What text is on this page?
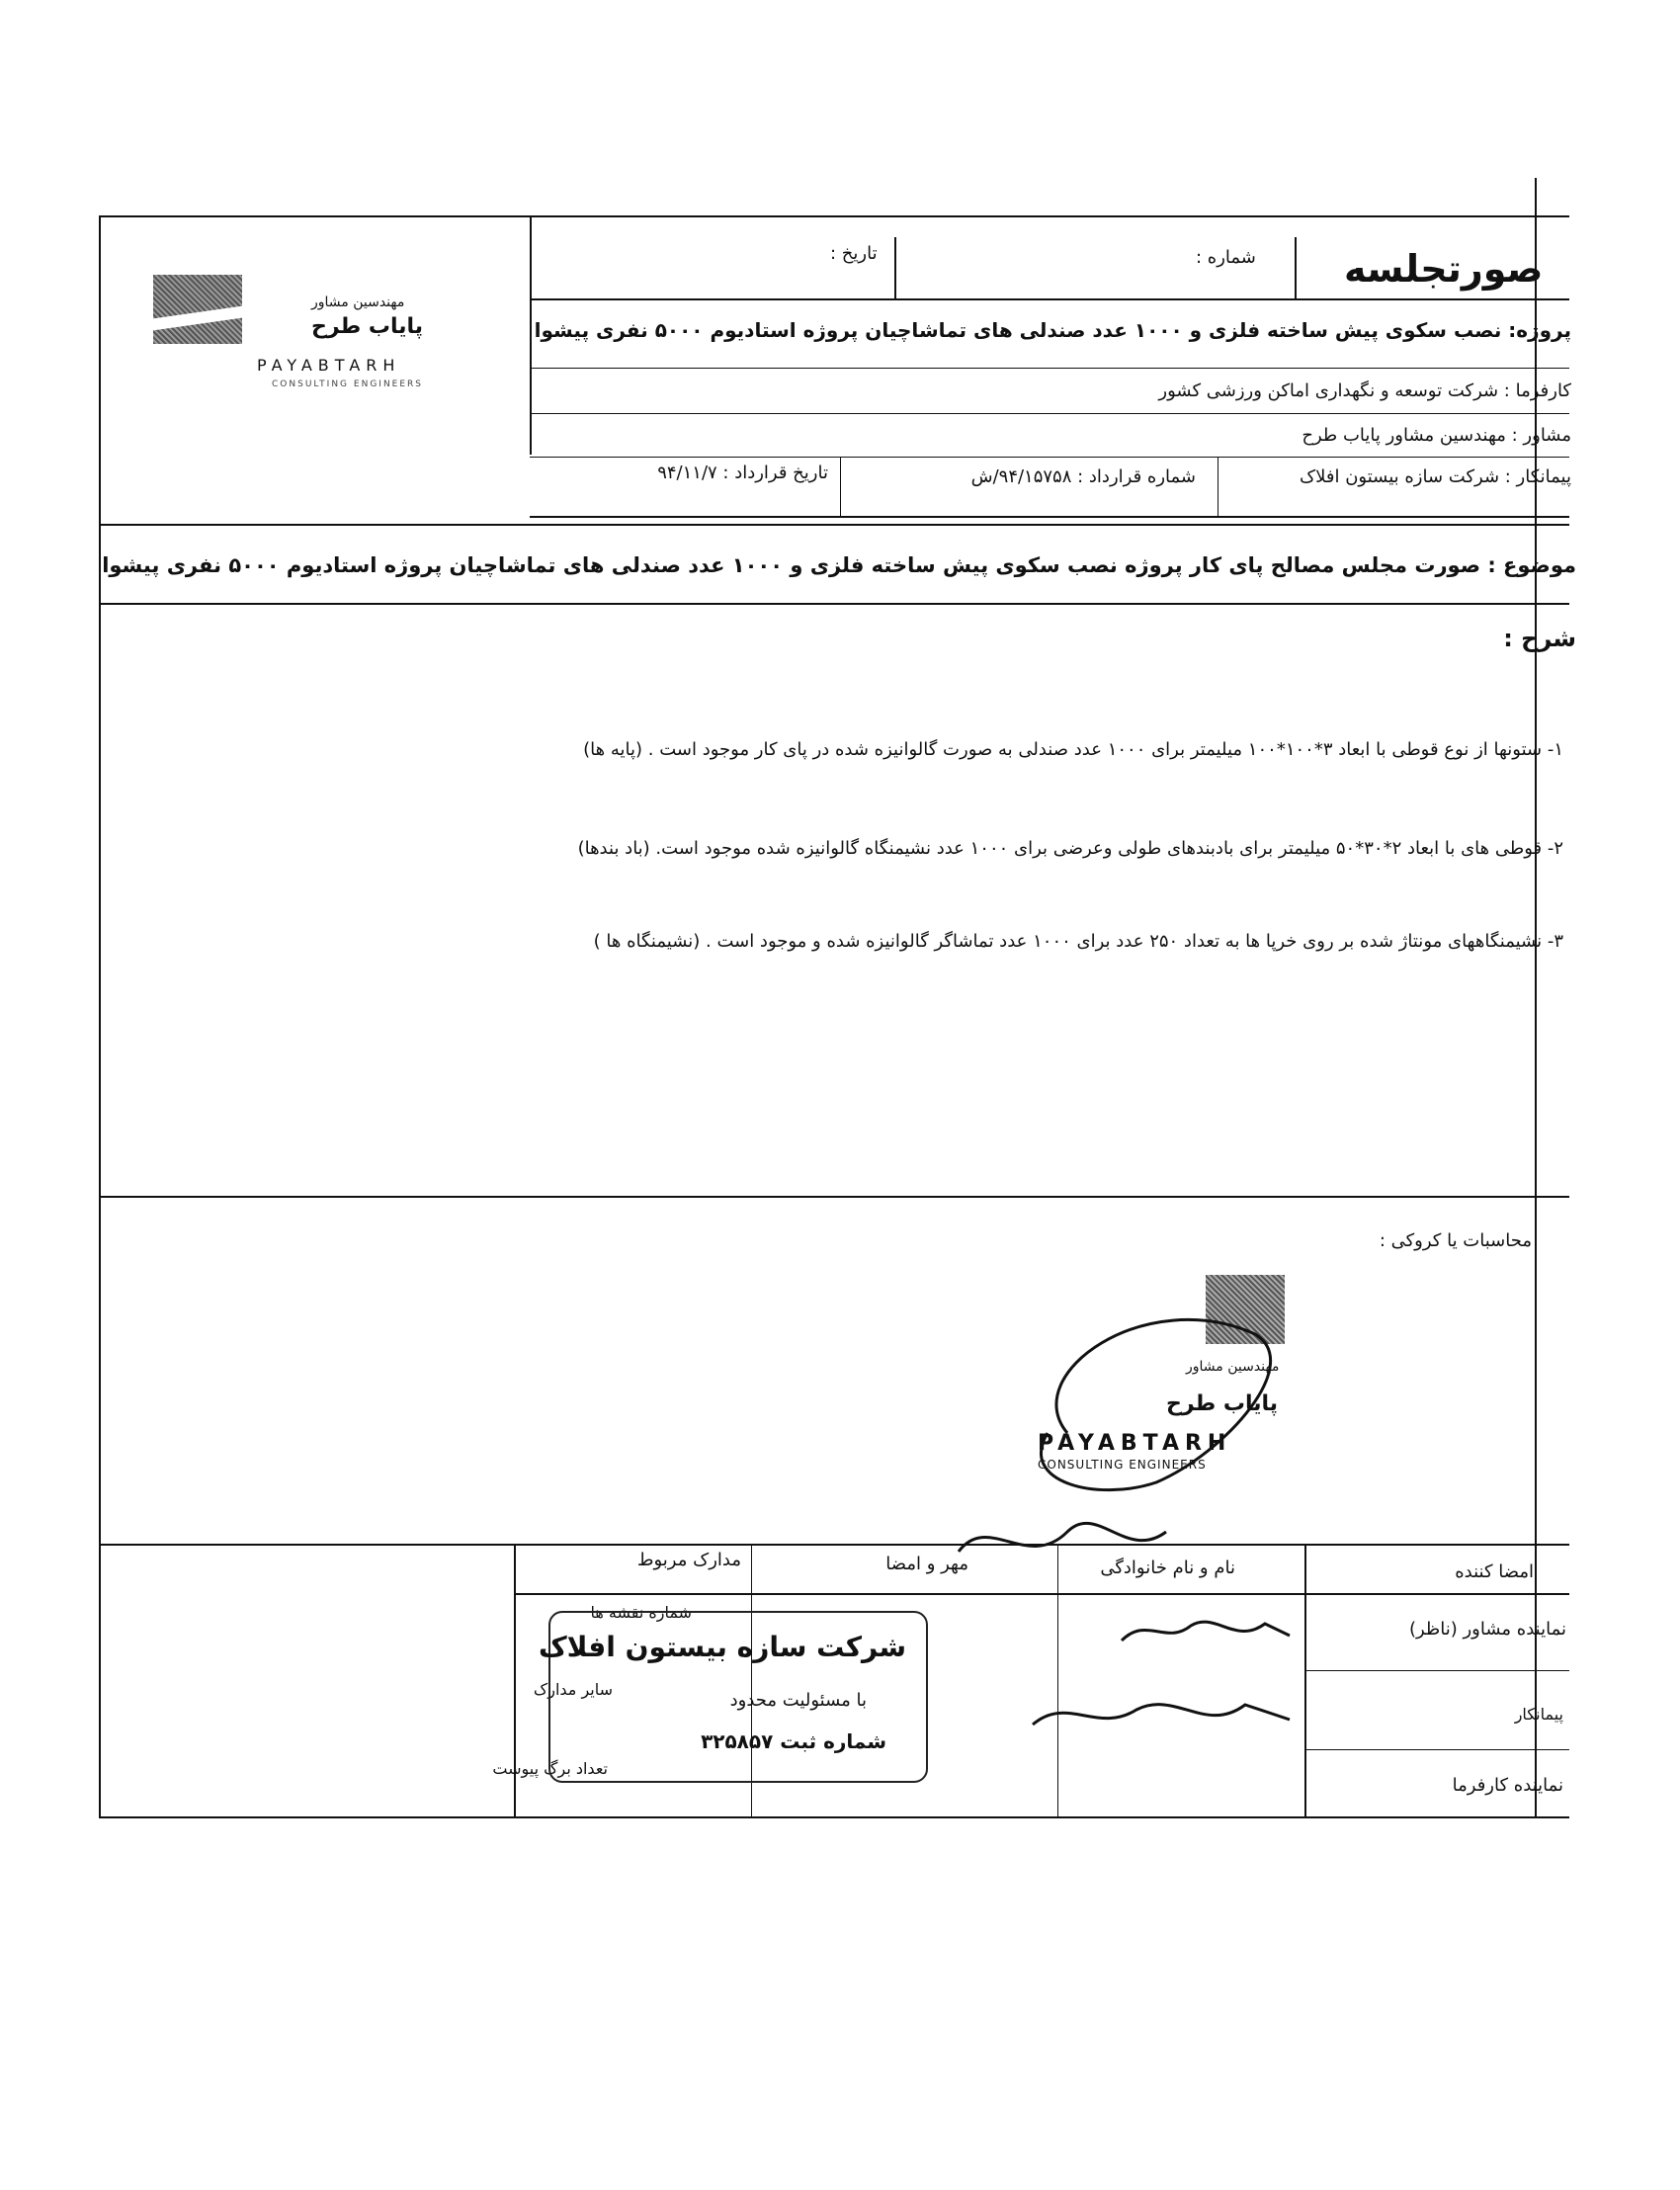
مهندسین مشاور
پایاب طرح
PAYABTARH
CONSULTING ENGINEERS
صورتجلسه
شماره :
تاریخ :
پروژه: نصب سکوی پیش ساخته فلزی و ۱۰۰۰ عدد صندلی های تماشاچیان پروژه استادیوم ۵۰۰۰ نفری پیشوا
کارفرما : شرکت توسعه و نگهداری اماکن ورزشی کشور
مشاور : مهندسین مشاور پایاب طرح
پیمانکار : شرکت سازه بیستون افلاک
شماره قرارداد : ۹۴/۱۵۷۵۸/ش
تاریخ قرارداد : ۹۴/۱۱/۷
موضوع : صورت مجلس مصالح پای کار پروژه نصب سکوی پیش ساخته فلزی و ۱۰۰۰ عدد صندلی های تماشاچیان پروژه استادیوم ۵۰۰۰ نفری پیشوا
شرح :
۱- ستونها از نوع قوطی با ابعاد ۳*۱۰۰*۱۰۰ میلیمتر برای ۱۰۰۰ عدد صندلی به صورت گالوانیزه شده در پای کار موجود است . (پایه ها)
۲- قوطی های با ابعاد ۲*۳۰*۵۰ میلیمتر برای بادبندهای طولی وعرضی برای ۱۰۰۰ عدد نشیمنگاه گالوانیزه شده موجود است. (باد بندها)
۳- نشیمنگاههای مونتاژ شده بر روی خرپا ها به تعداد ۲۵۰ عدد برای ۱۰۰۰ عدد تماشاگر گالوانیزه شده و موجود است . (نشیمنگاه ها )
محاسبات یا کروکی :
مهندسین مشاور
پایاب طرح
PAYABTARH
CONSULTING ENGINEERS
امضا کننده
نام و نام خانوادگی
مهر و امضا
مدارک مربوط
نماینده مشاور (ناظر)
پیمانکار
نماینده کارفرما
شماره نقشه ها
سایر مدارک
تعداد برگ پیوست
شرکت سازه بیستون افلاک
با مسئولیت محدود
شماره ثبت ۳۲۵۸۵۷
